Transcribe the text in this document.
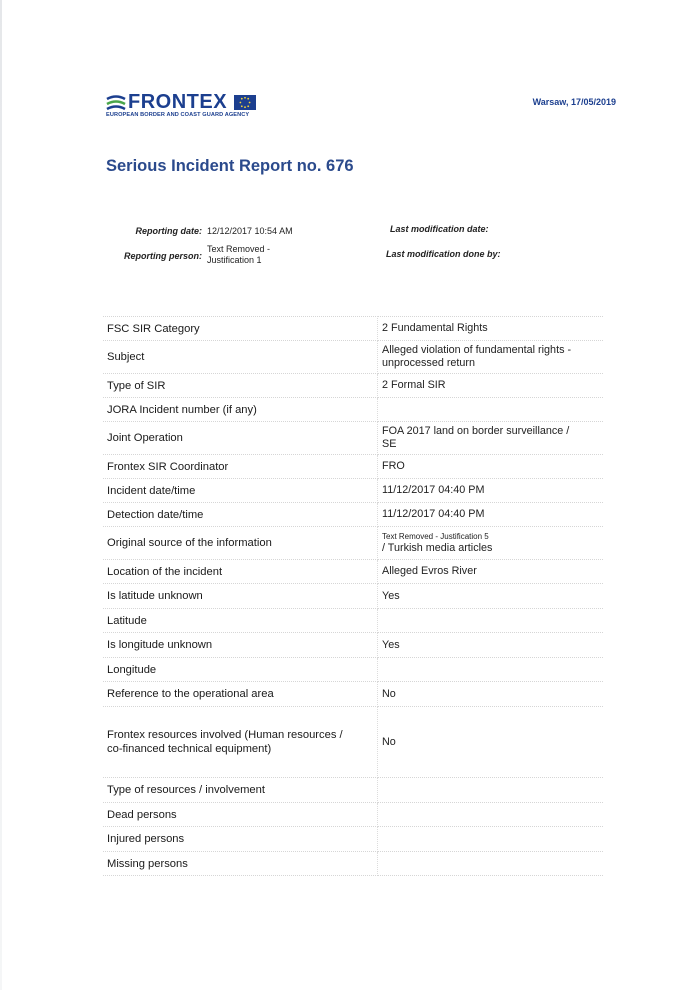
FRONTEX
EUROPEAN BORDER AND COAST GUARD AGENCY
Warsaw, 17/05/2019
Serious Incident Report no. 676
Reporting date: 12/12/2017 10:54 AM
Reporting person:
Text Removed -
Justification 1
Last modification date:
Last modification done by:
FSC SIR Category	2 Fundamental Rights
Subject	Alleged violation of fundamental rights -
unprocessed return

Type of SIR	2 Formal SIR
JORA Incident number (if any)	
Joint Operation	FOA 2017 land on border surveillance /
SE

Frontex SIR Coordinator	FRO
Incident date/time	11/12/2017 04:40 PM
Detection date/time	11/12/2017 04:40 PM
Original source of the information	Text Removed - Justification 5
/ Turkish media articles

Location of the incident	Alleged Evros River
Is latitude unknown	Yes
Latitude	
Is longitude unknown	Yes
Longitude	
Reference to the operational area	No

Frontex resources involved (Human resources /
co-financed technical equipment)	No
Type of resources / involvement	
Dead persons	
Injured persons	
Missing persons	
